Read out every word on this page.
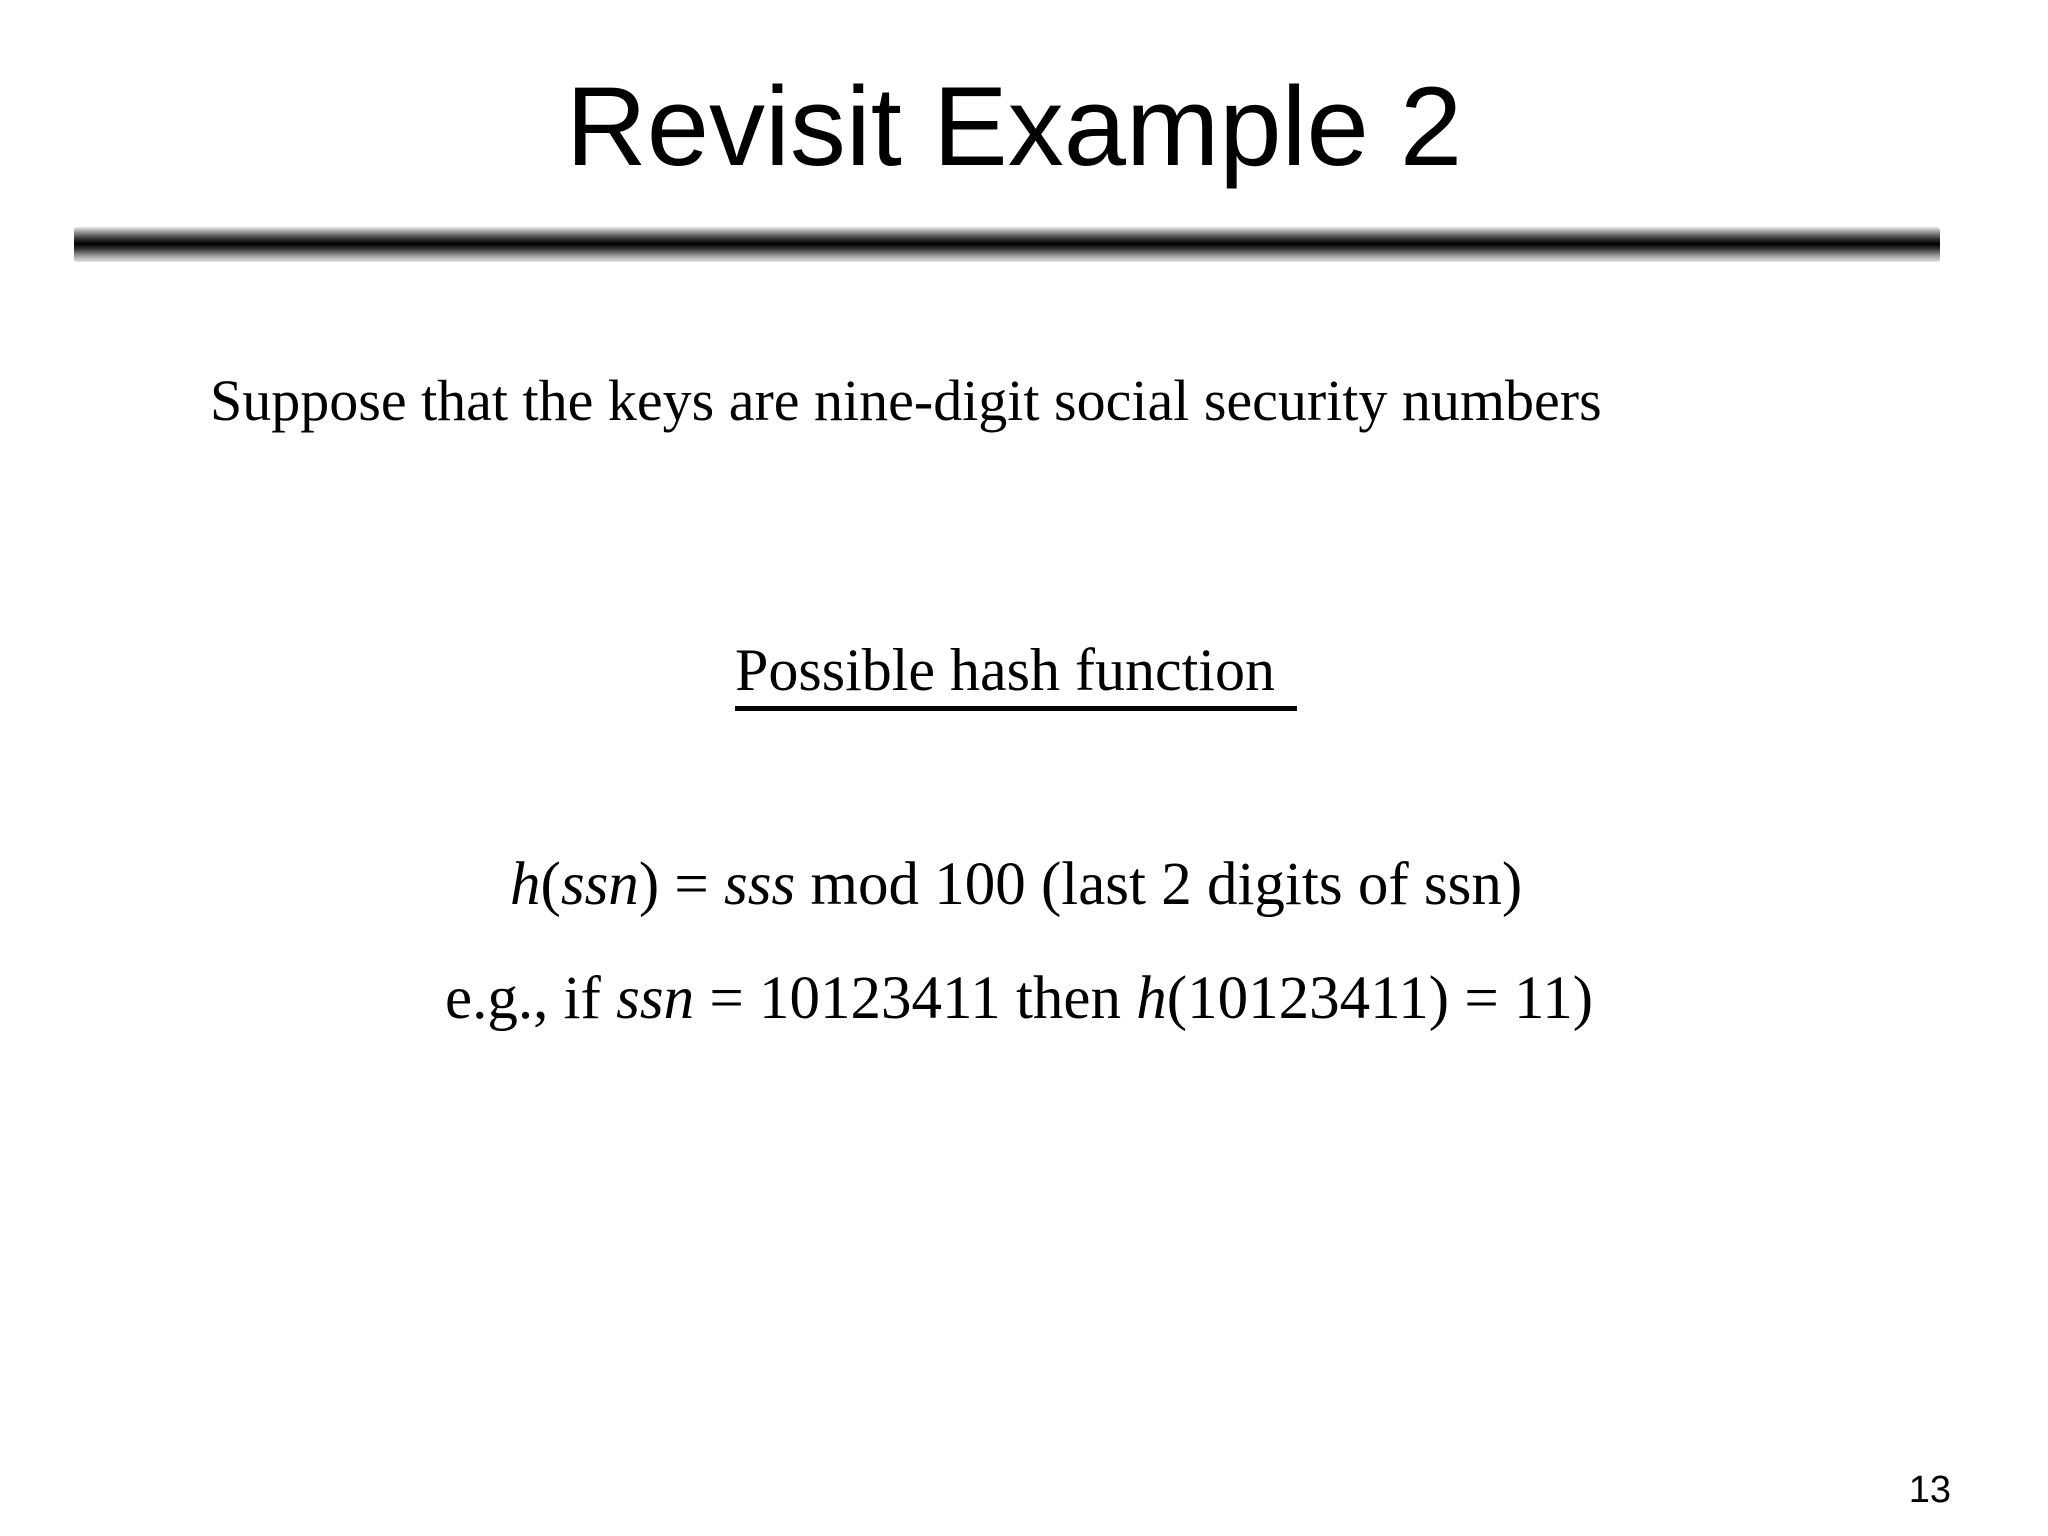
Revisit Example 2
Suppose that the keys are nine-digit social security numbers
Possible hash function
h(ssn) = sss mod 100 (last 2 digits of ssn)
e.g., if ssn = 10123411 then h(10123411) = 11)
13
